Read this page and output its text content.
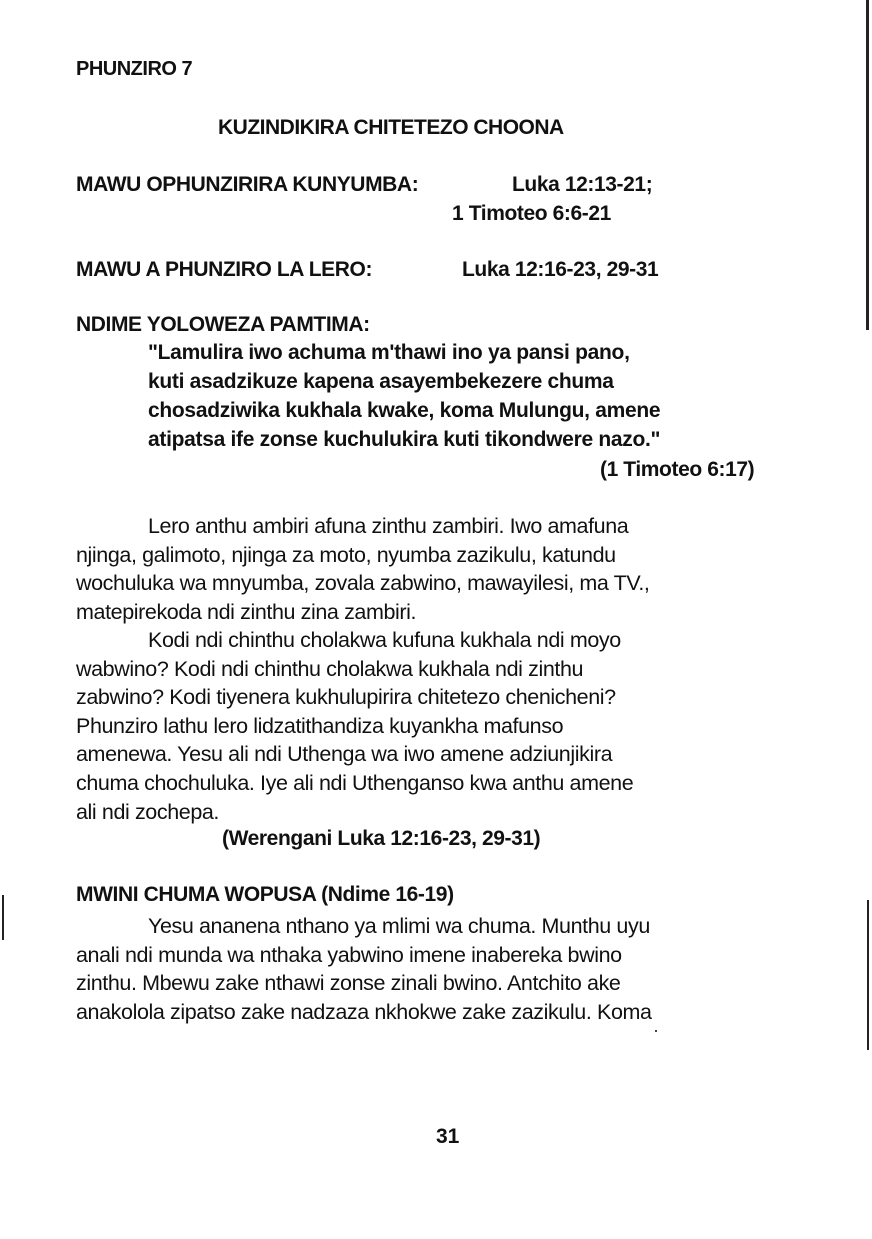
PHUNZIRO 7
KUZINDIKIRA CHITETEZO CHOONA
MAWU OPHUNZIRIRA KUNYUMBA:	Luka 12:13-21;
1 Timoteo 6:6-21
MAWU A PHUNZIRO LA LERO:	Luka 12:16-23, 29-31
NDIME YOLOWEZA PAMTIMA:
"Lamulira iwo achuma m'thawi ino ya pansi pano,
kuti asadzikuze kapena asayembekezere chuma
chosadziwika kukhala kwake, koma Mulungu, amene
atipatsa ife zonse kuchulukira kuti tikondwere nazo."
(1 Timoteo 6:17)
Lero anthu ambiri afuna zinthu zambiri. Iwo amafuna
njinga, galimoto, njinga za moto, nyumba zazikulu, katundu
wochuluka wa mnyumba, zovala zabwino, mawayilesi, ma TV.,
matepirekoda ndi zinthu zina zambiri.
Kodi ndi chinthu cholakwa kufuna kukhala ndi moyo
wabwino? Kodi ndi chinthu cholakwa kukhala ndi zinthu
zabwino? Kodi tiyenera kukhulupirira chitetezo chenicheni?
Phunziro lathu lero lidzatithandiza kuyankha mafunso
amenewa. Yesu ali ndi Uthenga wa iwo amene adziunjikira
chuma chochuluka. Iye ali ndi Uthenganso kwa anthu amene
ali ndi zochepa.
(Werengani Luka 12:16-23, 29-31)
MWINI CHUMA WOPUSA (Ndime 16-19)
Yesu ananena nthano ya mlimi wa chuma. Munthu uyu
anali ndi munda wa nthaka yabwino imene inabereka bwino
zinthu. Mbewu zake nthawi zonse zinali bwino. Antchito ake
anakolola zipatso zake nadzaza nkhokwe zake zazikulu. Koma
31
